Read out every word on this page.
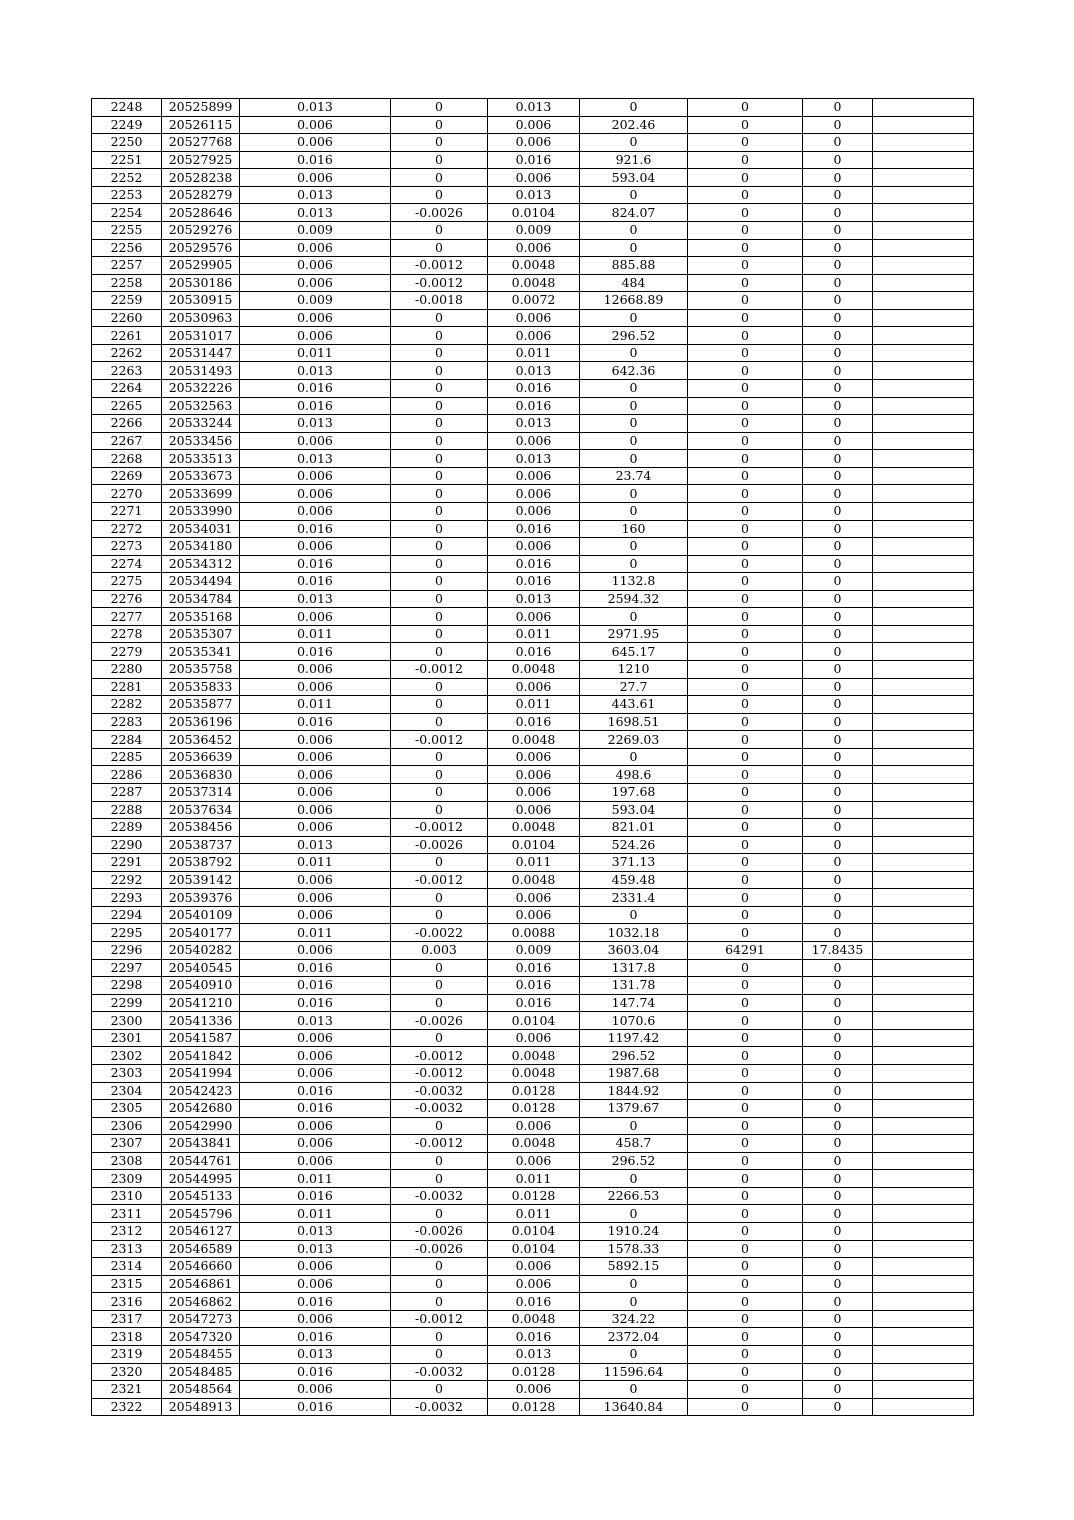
2248	20525899	0.013	0	0.013	0	0	0	
2249	20526115	0.006	0	0.006	202.46	0	0	
2250	20527768	0.006	0	0.006	0	0	0	
2251	20527925	0.016	0	0.016	921.6	0	0	
2252	20528238	0.006	0	0.006	593.04	0	0	
2253	20528279	0.013	0	0.013	0	0	0	
2254	20528646	0.013	-0.0026	0.0104	824.07	0	0	
2255	20529276	0.009	0	0.009	0	0	0	
2256	20529576	0.006	0	0.006	0	0	0	
2257	20529905	0.006	-0.0012	0.0048	885.88	0	0	
2258	20530186	0.006	-0.0012	0.0048	484	0	0	
2259	20530915	0.009	-0.0018	0.0072	12668.89	0	0	
2260	20530963	0.006	0	0.006	0	0	0	
2261	20531017	0.006	0	0.006	296.52	0	0	
2262	20531447	0.011	0	0.011	0	0	0	
2263	20531493	0.013	0	0.013	642.36	0	0	
2264	20532226	0.016	0	0.016	0	0	0	
2265	20532563	0.016	0	0.016	0	0	0	
2266	20533244	0.013	0	0.013	0	0	0	
2267	20533456	0.006	0	0.006	0	0	0	
2268	20533513	0.013	0	0.013	0	0	0	
2269	20533673	0.006	0	0.006	23.74	0	0	
2270	20533699	0.006	0	0.006	0	0	0	
2271	20533990	0.006	0	0.006	0	0	0	
2272	20534031	0.016	0	0.016	160	0	0	
2273	20534180	0.006	0	0.006	0	0	0	
2274	20534312	0.016	0	0.016	0	0	0	
2275	20534494	0.016	0	0.016	1132.8	0	0	
2276	20534784	0.013	0	0.013	2594.32	0	0	
2277	20535168	0.006	0	0.006	0	0	0	
2278	20535307	0.011	0	0.011	2971.95	0	0	
2279	20535341	0.016	0	0.016	645.17	0	0	
2280	20535758	0.006	-0.0012	0.0048	1210	0	0	
2281	20535833	0.006	0	0.006	27.7	0	0	
2282	20535877	0.011	0	0.011	443.61	0	0	
2283	20536196	0.016	0	0.016	1698.51	0	0	
2284	20536452	0.006	-0.0012	0.0048	2269.03	0	0	
2285	20536639	0.006	0	0.006	0	0	0	
2286	20536830	0.006	0	0.006	498.6	0	0	
2287	20537314	0.006	0	0.006	197.68	0	0	
2288	20537634	0.006	0	0.006	593.04	0	0	
2289	20538456	0.006	-0.0012	0.0048	821.01	0	0	
2290	20538737	0.013	-0.0026	0.0104	524.26	0	0	
2291	20538792	0.011	0	0.011	371.13	0	0	
2292	20539142	0.006	-0.0012	0.0048	459.48	0	0	
2293	20539376	0.006	0	0.006	2331.4	0	0	
2294	20540109	0.006	0	0.006	0	0	0	
2295	20540177	0.011	-0.0022	0.0088	1032.18	0	0	
2296	20540282	0.006	0.003	0.009	3603.04	64291	17.8435	
2297	20540545	0.016	0	0.016	1317.8	0	0	
2298	20540910	0.016	0	0.016	131.78	0	0	
2299	20541210	0.016	0	0.016	147.74	0	0	
2300	20541336	0.013	-0.0026	0.0104	1070.6	0	0	
2301	20541587	0.006	0	0.006	1197.42	0	0	
2302	20541842	0.006	-0.0012	0.0048	296.52	0	0	
2303	20541994	0.006	-0.0012	0.0048	1987.68	0	0	
2304	20542423	0.016	-0.0032	0.0128	1844.92	0	0	
2305	20542680	0.016	-0.0032	0.0128	1379.67	0	0	
2306	20542990	0.006	0	0.006	0	0	0	
2307	20543841	0.006	-0.0012	0.0048	458.7	0	0	
2308	20544761	0.006	0	0.006	296.52	0	0	
2309	20544995	0.011	0	0.011	0	0	0	
2310	20545133	0.016	-0.0032	0.0128	2266.53	0	0	
2311	20545796	0.011	0	0.011	0	0	0	
2312	20546127	0.013	-0.0026	0.0104	1910.24	0	0	
2313	20546589	0.013	-0.0026	0.0104	1578.33	0	0	
2314	20546660	0.006	0	0.006	5892.15	0	0	
2315	20546861	0.006	0	0.006	0	0	0	
2316	20546862	0.016	0	0.016	0	0	0	
2317	20547273	0.006	-0.0012	0.0048	324.22	0	0	
2318	20547320	0.016	0	0.016	2372.04	0	0	
2319	20548455	0.013	0	0.013	0	0	0	
2320	20548485	0.016	-0.0032	0.0128	11596.64	0	0	
2321	20548564	0.006	0	0.006	0	0	0	
2322	20548913	0.016	-0.0032	0.0128	13640.84	0	0	
